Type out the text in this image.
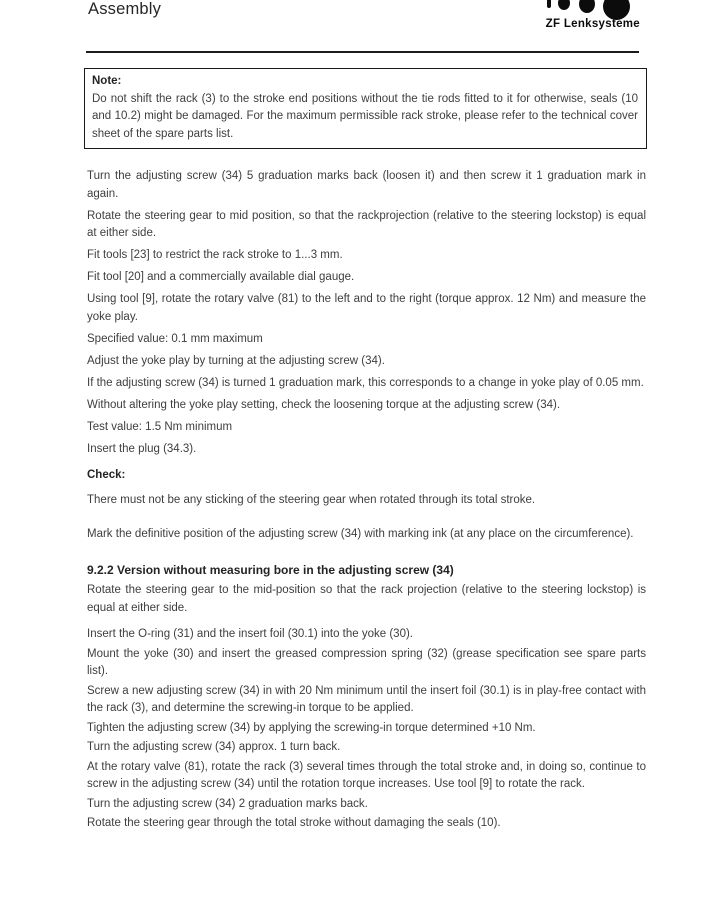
Assembly
ZF Lenksysteme
Note:
Do not shift the rack (3) to the stroke end positions without the tie rods fitted to it for otherwise, seals (10 and 10.2) might be damaged. For the maximum permissible rack stroke, please refer to the technical cover sheet of the spare parts list.
Turn the adjusting screw (34) 5 graduation marks back (loosen it) and then screw it 1 graduation mark in again.
Rotate the steering gear to mid position, so that the rackprojection (relative to the steering lockstop) is equal at either side.
Fit tools [23] to restrict the rack stroke to 1...3 mm.
Fit tool [20] and a commercially available dial gauge.
Using tool [9], rotate the rotary valve (81) to the left and to the right (torque approx. 12 Nm) and measure the yoke play.
Specified value: 0.1 mm maximum
Adjust the yoke play by turning at the adjusting screw (34).
If the adjusting screw (34) is turned 1 graduation mark, this corresponds to a change in yoke play of 0.05 mm.
Without altering the yoke play setting, check the loosening torque at the adjusting screw (34).
Test value: 1.5 Nm minimum
Insert the plug (34.3).
Check:
There must not be any sticking of the steering gear when rotated through its total stroke.
Mark the definitive position of the adjusting screw (34) with marking ink (at any place on the circumference).
9.2.2 Version without measuring bore in the adjusting screw (34)
Rotate the steering gear to the mid-position so that the rack projection (relative to the steering lockstop) is equal at either side.
Insert the O-ring (31) and the insert foil (30.1) into the yoke (30).
Mount the yoke (30) and insert the greased compression spring (32) (grease specification see spare parts list).
Screw a new adjusting screw (34) in with 20 Nm minimum until the insert foil (30.1) is in play-free contact with the rack (3), and determine the screwing-in torque to be applied.
Tighten the adjusting screw (34) by applying the screwing-in torque determined +10 Nm.
Turn the adjusting screw (34) approx. 1 turn back.
At the rotary valve (81), rotate the rack (3) several times through the total stroke and, in doing so, continue to screw in the adjusting screw (34) until the rotation torque increases. Use tool [9] to rotate the rack.
Turn the adjusting screw (34) 2 graduation marks back.
Rotate the steering gear through the total stroke without damaging the seals (10).
